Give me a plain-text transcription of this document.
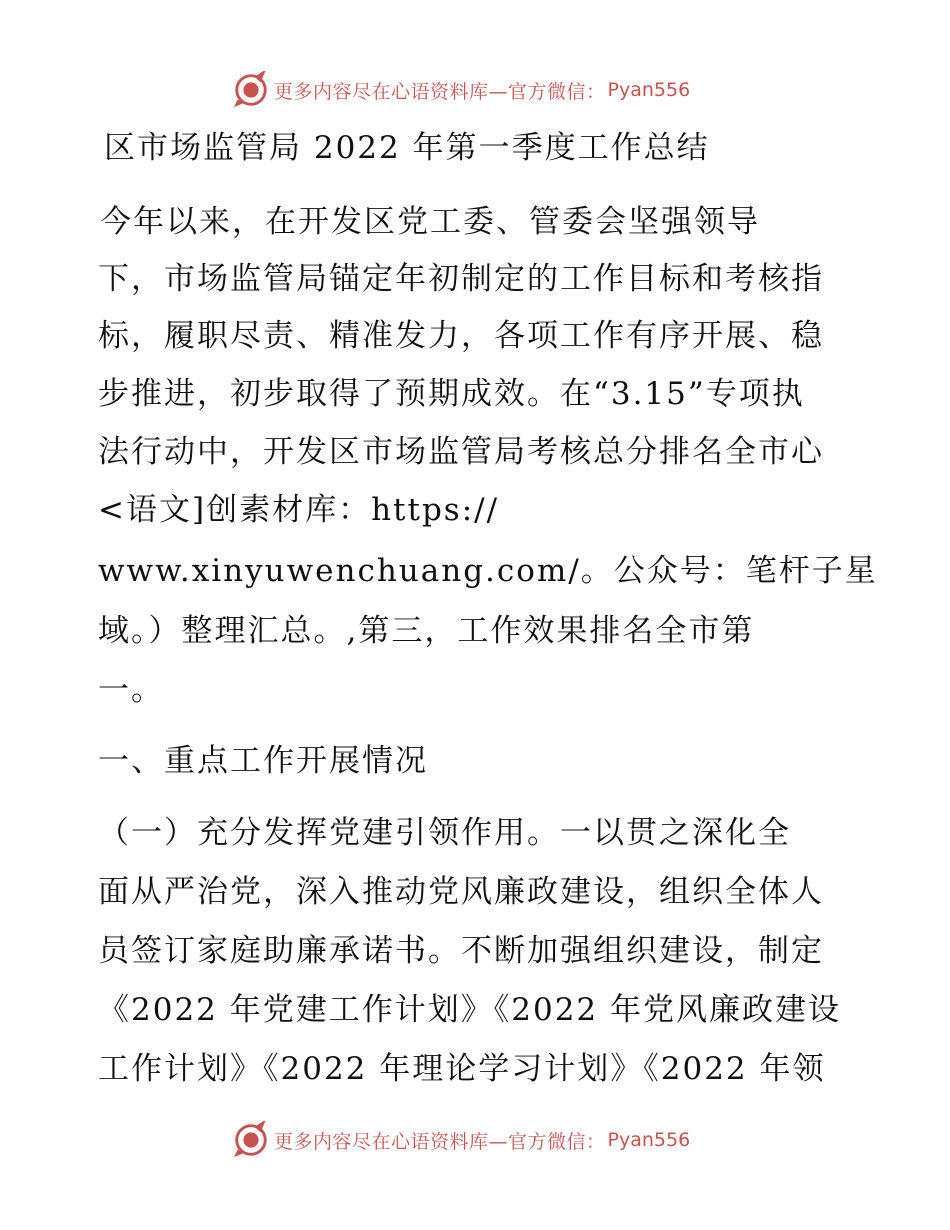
更多内容尽在心语资料库—官方微信： Pyan556
区市场监管局 2022 年第一季度工作总结
今年以来，在开发区党工委、管委会坚强领导
下，市场监管局锚定年初制定的工作目标和考核指
标，履职尽责、精准发力，各项工作有序开展、稳
步推进，初步取得了预期成效。在“3.15”专项执
法行动中，开发区市场监管局考核总分排名全市心
<语文]创素材库：https://
www.xinyuwenchuang.com/。公众号：笔杆子星
域。）整理汇总。,第三，工作效果排名全市第
一。
一、重点工作开展情况
（一）充分发挥党建引领作用。一以贯之深化全
面从严治党，深入推动党风廉政建设，组织全体人
员签订家庭助廉承诺书。不断加强组织建设，制定
《2022 年党建工作计划》《2022 年党风廉政建设
工作计划》《2022 年理论学习计划》《2022 年领
更多内容尽在心语资料库—官方微信： Pyan556
